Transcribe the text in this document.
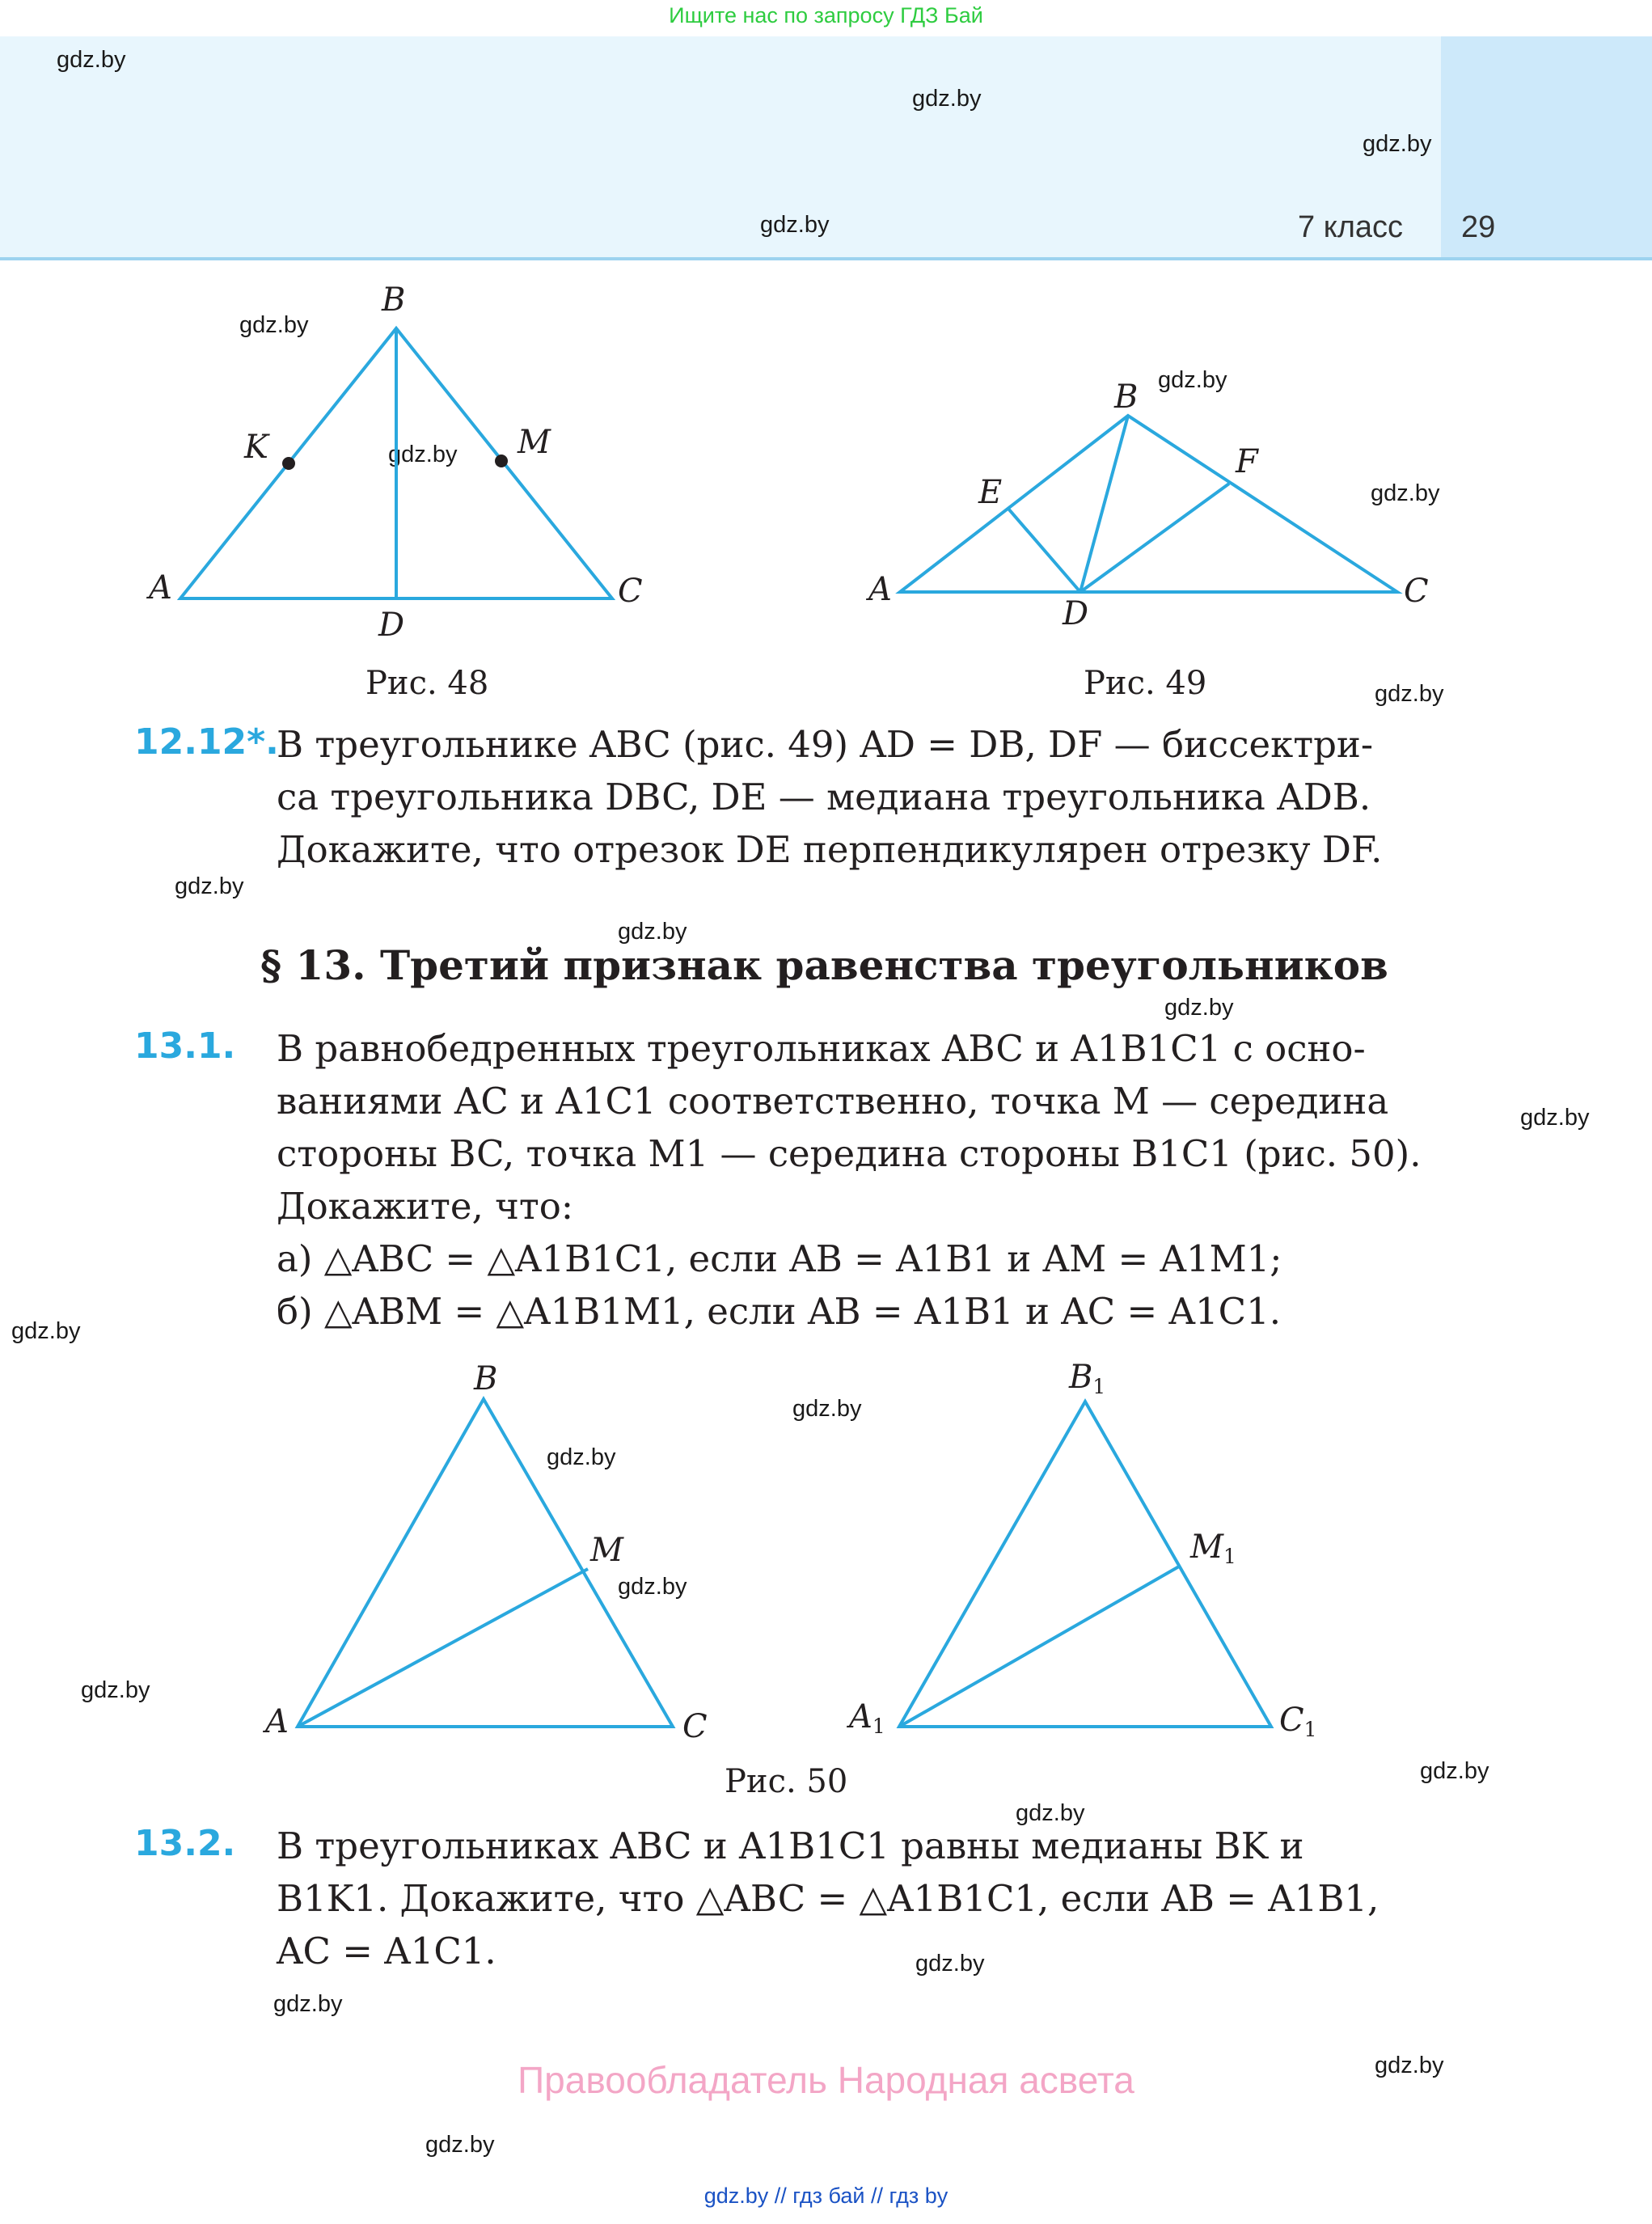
Ищите нас по запросу ГДЗ Бай
7 класс 29
gdz.by
gdz.by
gdz.by
gdz.by
gdz.by
gdz.by
gdz.by
gdz.by
gdz.by
gdz.by
gdz.by
gdz.by
gdz.by
gdz.by
gdz.by
gdz.by
gdz.by
gdz.by
gdz.by
gdz.by
gdz.by
gdz.by
gdz.by
gdz.by
B
K	M
A	C
D
Рис. 48
B
E
F
A	C
D
Рис. 49
12.12*.
В треугольнике ABC (рис. 49) AD = DB, DF — биссектри-
са треугольника DBC, DE — медиана треугольника ADB.
Докажите, что отрезок DE перпендикулярен отрезку DF.
§ 13. Третий признак равенства треугольников
13.1. В равнобедренных треугольниках ABC и A1B1C1 с осно-
ваниями AC и A1C1 соответственно, точка M — середина
стороны BC, точка M1 — середина стороны B1C1 (рис. 50).
Докажите, что:
а) △ABC = △A1B1C1, если AB = A1B1 и AM = A1M1;
б) △ABM = △A1B1M1, если AB = A1B1 и AC = A1C1.
B
M
A	C
$B_1$
$M_1$
$A_1$	$C_1$
Рис. 50
13.2. В треугольниках ABC и A1B1C1 равны медианы BK и
B1K1. Докажите, что △ABC = △A1B1C1, если AB = A1B1,
AC = A1C1.
Правообладатель Народная асвета
gdz.by // гдз бай // гдз by
